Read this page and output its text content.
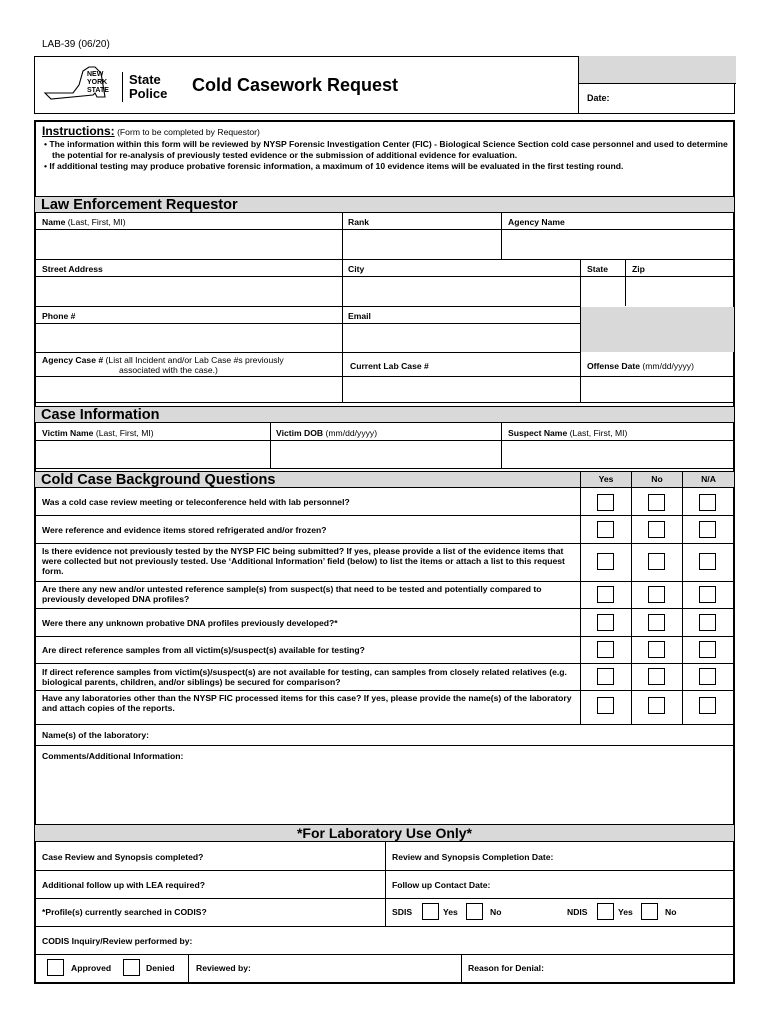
LAB-39 (06/20)
NEW
YORK
STATE
State
Police	Cold Casework Request
Date:
Instructions: (Form to be completed by Requestor)
• The information within this form will be reviewed by NYSP Forensic Investigation Center (FIC) - Biological Science Section cold case personnel and used to determine the potential for re-analysis of previously tested evidence or the submission of additional evidence for evaluation.
• If additional testing may produce probative forensic information, a maximum of 10 evidence items will be evaluated in the first testing round.
Law Enforcement Requestor
Name (Last, First, MI)	Rank	Agency Name
Street Address	City	State	Zip
Phone #	Email
Agency Case # (List all Incident and/or Lab Case #s previously
associated with the case.)	Current Lab Case #	Offense Date (mm/dd/yyyy)
Case Information
Victim Name (Last, First, MI)	Victim DOB (mm/dd/yyyy)	Suspect Name (Last, First, MI)
Cold Case Background Questions	Yes	No	N/A
Was a cold case review meeting or teleconference held with lab personnel?
Were reference and evidence items stored refrigerated and/or frozen?
Is there evidence not previously tested by the NYSP FIC being submitted? If yes, please provide a list of the evidence items that were collected but not previously tested. Use ‘Additional Information’ field (below) to list the items or attach a list to this request form.
Are there any new and/or untested reference sample(s) from suspect(s) that need to be tested and potentially compared to previously developed DNA profiles?
Were there any unknown probative DNA profiles previously developed?*
Are direct reference samples from all victim(s)/suspect(s) available for testing?
If direct reference samples from victim(s)/suspect(s) are not available for testing, can samples from closely related relatives (e.g. biological parents, children, and/or siblings) be secured for comparison?
Have any laboratories other than the NYSP FIC processed items for this case? If yes, please provide the name(s) of the laboratory and attach copies of the reports.
Name(s) of the laboratory:
Comments/Additional Information:
*For Laboratory Use Only*
Case Review and Synopsis completed?	Review and Synopsis Completion Date:
Additional follow up with LEA required?	Follow up Contact Date:
*Profile(s) currently searched in CODIS?	SDIS	Yes	No	NDIS	Yes	No
CODIS Inquiry/Review performed by:
Approved	Denied Reviewed by:	Reason for Denial:
